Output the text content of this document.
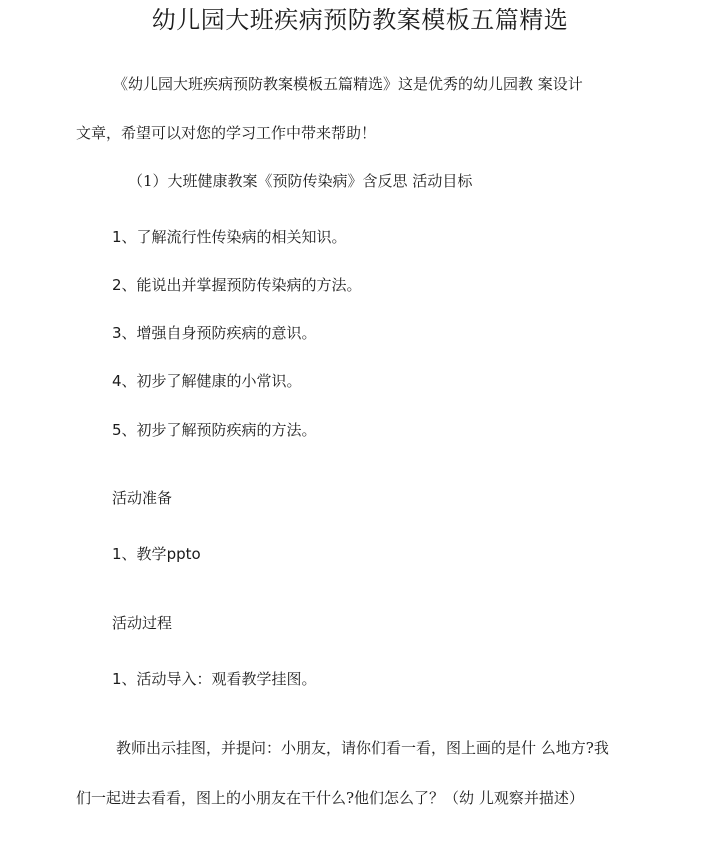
幼儿园大班疾病预防教案模板五篇精选
《幼儿园大班疾病预防教案模板五篇精选》这是优秀的幼儿园教 案设计
文章，希望可以对您的学习工作中带来帮助！
（1）大班健康教案《预防传染病》含反思 活动目标
1、了解流行性传染病的相关知识。
2、能说出并掌握预防传染病的方法。
3、增强自身预防疾病的意识。
4、初步了解健康的小常识。
5、初步了解预防疾病的方法。
活动准备
1、教学ppto
活动过程
1、活动导入：观看教学挂图。
教师出示挂图，并提问：小朋友，请你们看一看，图上画的是什 么地方?我
们一起进去看看，图上的小朋友在干什么?他们怎么了？（幼 儿观察并描述）
